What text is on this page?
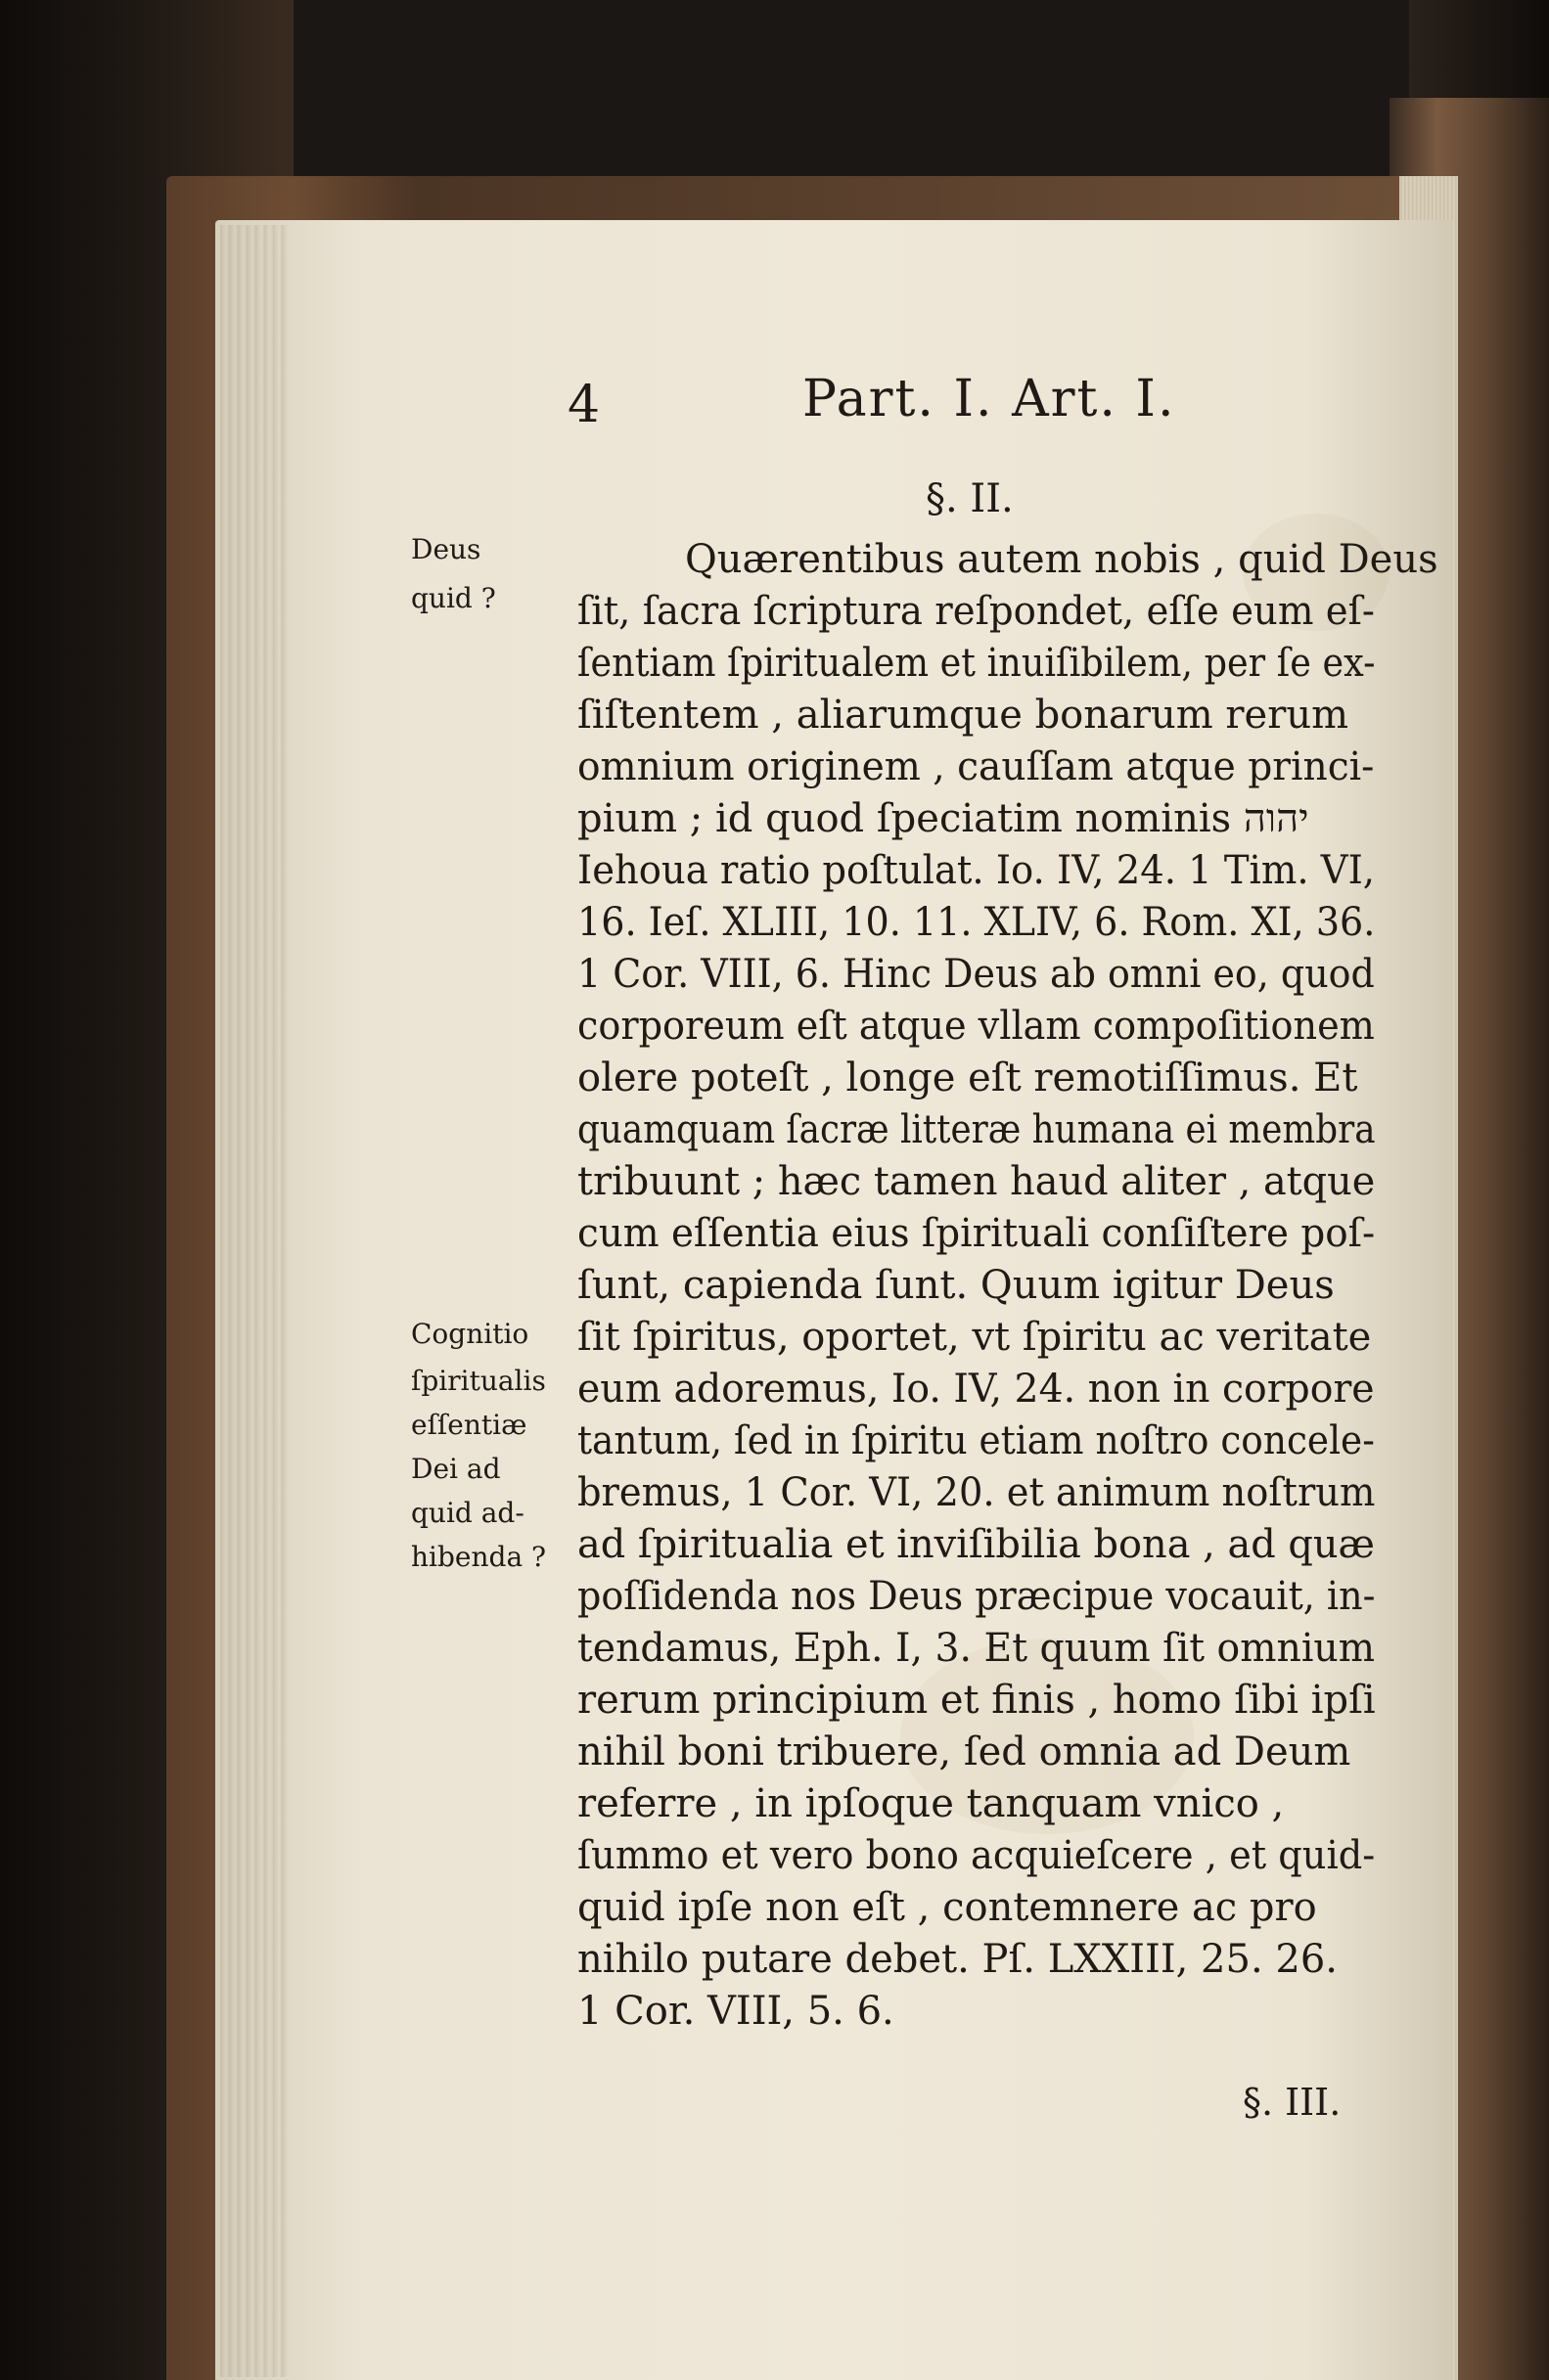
4	Part. I. Art. I.
§. II.
Deus
quid ?
Cognitio
ſpiritualis
eſſentiæ
Dei ad
quid ad-
hibenda ?
Quærentibus autem nobis , quid Deus
ſit, ſacra ſcriptura reſpondet, eſſe eum eſ-
ſentiam ſpiritualem et inuiſibilem, per ſe ex-
ſiſtentem , aliarumque bonarum rerum
omnium originem , cauſſam atque princi-
pium ; id quod ſpeciatim nominis יהוה
Iehoua ratio poſtulat. Io. IV, 24. 1 Tim. VI,
16. Ieſ. XLIII, 10. 11. XLIV, 6. Rom. XI, 36.
1 Cor. VIII, 6. Hinc Deus ab omni eo, quod
corporeum eſt atque vllam compoſitionem
olere poteſt , longe eſt remotiſſimus. Et
quamquam ſacræ litteræ humana ei membra
tribuunt ; hæc tamen haud aliter , atque
cum eſſentia eius ſpirituali conſiſtere poſ-
ſunt, capienda ſunt. Quum igitur Deus
ſit ſpiritus, oportet, vt ſpiritu ac veritate
eum adoremus, Io. IV, 24. non in corpore
tantum, ſed in ſpiritu etiam noſtro concele-
bremus, 1 Cor. VI, 20. et animum noſtrum
ad ſpiritualia et inviſibilia bona , ad quæ
poſſidenda nos Deus præcipue vocauit, in-
tendamus, Eph. I, 3. Et quum ſit omnium
rerum principium et finis , homo ſibi ipſi
nihil boni tribuere, ſed omnia ad Deum
referre , in ipſoque tanquam vnico ,
ſummo et vero bono acquieſcere , et quid-
quid ipſe non eſt , contemnere ac pro
nihilo putare debet. Pſ. LXXIII, 25. 26.
1 Cor. VIII, 5. 6.
§. III.
